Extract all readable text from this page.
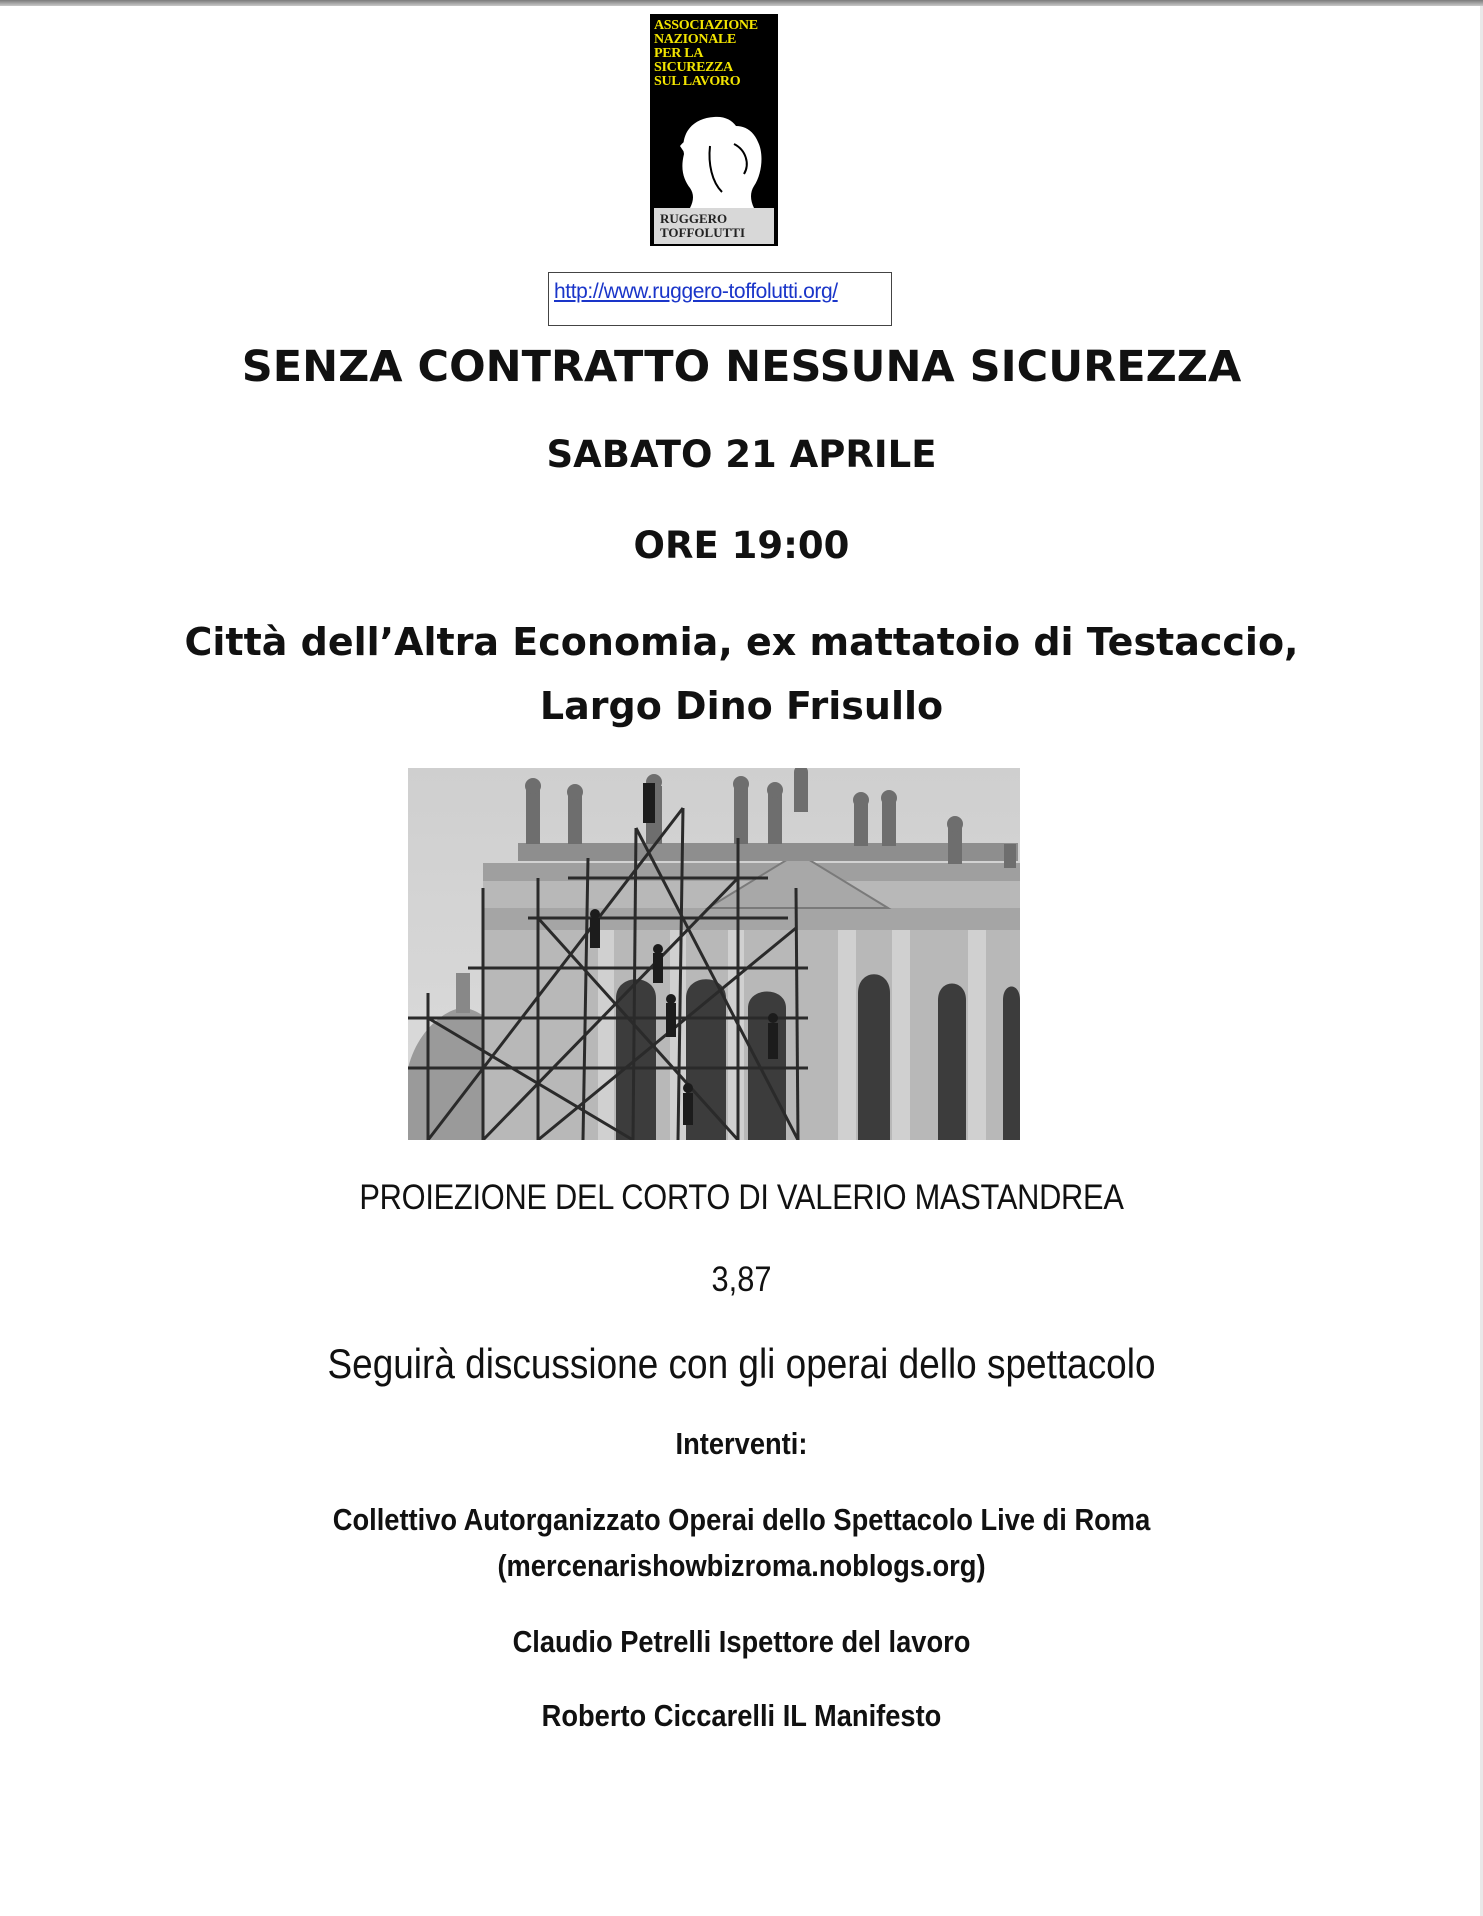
ASSOCIAZIONE
NAZIONALE
PER LA
SICUREZZA
SUL LAVORO
RUGGERO
TOFFOLUTTI
http://www.ruggero-toffolutti.org/
SENZA CONTRATTO NESSUNA SICUREZZA
SABATO 21 APRILE
ORE 19:00
Città dell’Altra Economia, ex mattatoio di Testaccio,
Largo Dino Frisullo
PROIEZIONE DEL CORTO DI VALERIO MASTANDREA
3,87
Seguirà discussione con gli operai dello spettacolo
Interventi:
Collettivo Autorganizzato Operai dello Spettacolo Live di Roma
(mercenarishowbizroma.noblogs.org)
Claudio Petrelli Ispettore del lavoro
Roberto Ciccarelli IL Manifesto
